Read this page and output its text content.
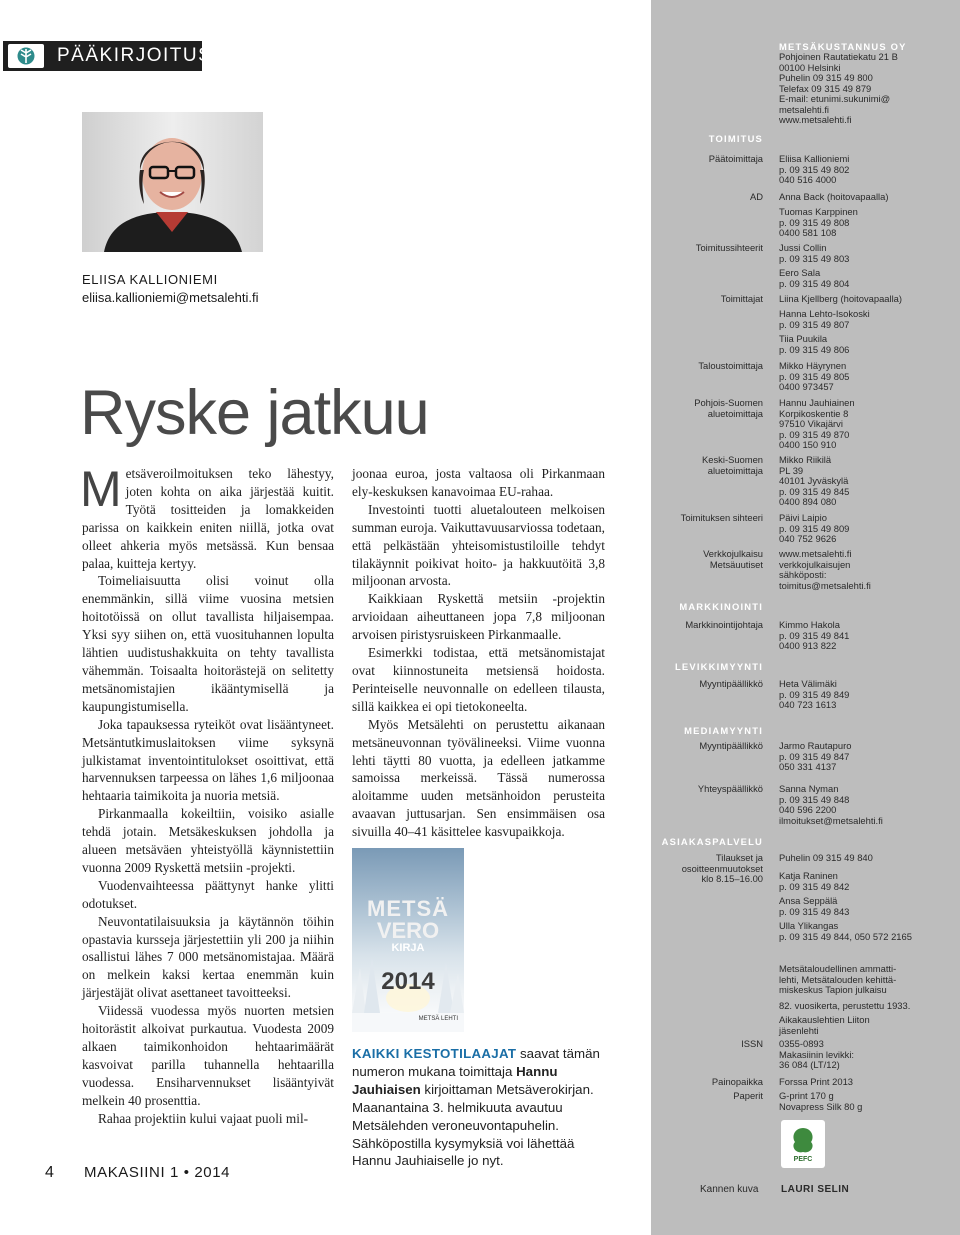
PÄÄKIRJOITUS
ELIISA KALLIONIEMI
eliisa.kallioniemi@metsalehti.fi
Ryske jatkuu

Metsäveroilmoituksen teko lähestyy, joten kohta on aika järjestää kuitit. Työtä tositteiden ja lomakkeiden parissa on kaikkein eniten niillä, jotka ovat olleet ahkeria myös metsässä. Kun bensaa palaa, kuitteja kertyy.

Toimeliaisuutta olisi voinut olla enemmänkin, sillä viime vuosina metsien hoitotöissä on ollut tavallista hiljaisempaa. Yksi syy siihen on, että vuosituhannen lopulta lähtien uudistushakkuita on tehty tavallista vähemmän. Toisaalta hoitorästejä on selitetty metsänomistajien ikääntymisellä ja kaupungistumisella.

Joka tapauksessa ryteiköt ovat lisääntyneet. Metsäntutkimuslaitoksen viime syksynä julkistamat inventointitulokset osoittivat, että harvennuksen tarpeessa on lähes 1,6 miljoonaa hehtaaria taimikoita ja nuoria metsiä.

Pirkanmaalla kokeiltiin, voisiko asialle tehdä jotain. Metsäkeskuksen johdolla ja alueen metsäväen yhteistyöllä käynnistettiin vuonna 2009 Ryskettä metsiin -projekti.

Vuodenvaihteessa päättynyt hanke ylitti odotukset.

Neuvontatilaisuuksia ja käytännön töihin opastavia kursseja järjestettiin yli 200 ja niihin osallistui lähes 7 000 metsänomistajaa. Määrä on melkein kaksi kertaa enemmän kuin järjestäjät olivat asettaneet tavoitteeksi.

Viidessä vuodessa myös nuorten metsien hoitorästit alkoivat purkautua. Vuodesta 2009 alkaen taimikonhoidon hehtaarimäärät kasvoivat parilla tuhannella hehtaarilla vuodessa. Ensiharvennukset lisääntyivät melkein 40 prosenttia.

Rahaa projektiin kului vajaat puoli mil-

joonaa euroa, josta valtaosa oli Pirkanmaan ely-keskuksen kanavoimaa EU-rahaa.

Investointi tuotti aluetalouteen melkoisen summan euroja. Vaikuttavuusarviossa todetaan, että pelkästään yhteisomistustiloille tehdyt tilakäynnit poikivat hoito- ja hakkuutöitä 3,8 miljoonan arvosta.

Kaikkiaan Ryskettä metsiin -projektin arvioidaan aiheuttaneen jopa 7,8 miljoonan arvoisen piristysruiskeen Pirkanmaalle.

Esimerkki todistaa, että metsänomistajat ovat kiinnostuneita metsiensä hoidosta. Perinteiselle neuvonnalle on edelleen tilausta, sillä kaikkea ei opi tietokoneelta.

Myös Metsälehti on perustettu aikanaan metsäneuvonnan työvälineeksi. Viime vuonna lehti täytti 80 vuotta, ja edelleen jatkamme samoissa merkeissä. Tässä numerossa aloitamme uuden metsänhoidon perusteita avaavan juttusarjan. Sen ensimmäisen osa sivuilla 40–41 käsittelee kasvupaikkoja.

METSÄ
VERO
KIRJA
2014
METSÄ LEHTI
KAIKKI KESTOTILAAJAT saavat tämän numeron mukana toimittaja Hannu Jauhiaisen kirjoittaman Metsäverokirjan. Maanantaina 3. helmikuuta avautuu Metsälehden veroneuvontapuhelin. Sähköpostilla kysymyksiä voi lähettää Hannu Jauhiaiselle jo nyt.
4 MAKASIINI 1 • 2014
METSÄKUSTANNUS OY
Pohjoinen Rautatiekatu 21 B
00100 Helsinki
Puhelin 09 315 49 800
Telefax 09 315 49 879
E-mail: etunimi.sukunimi@
metsalehti.fi
www.metsalehti.fi
TOIMITUS
MARKKINOINTI
LEVIKKIMYYNTI
MEDIAMYYNTI
ASIAKASPALVELU
Päätoimittaja Eliisa Kallioniemi
p. 09 315 49 802
040 516 4000
AD Anna Back (hoitovapaalla)
Tuomas Karppinen
p. 09 315 49 808
0400 581 108
Toimitussihteerit Jussi Collin
p. 09 315 49 803
Eero Sala
p. 09 315 49 804
Toimittajat Liina Kjellberg (hoitovapaalla)
Hanna Lehto-Isokoski
p. 09 315 49 807
Tiia Puukila
p. 09 315 49 806
Taloustoimittaja Mikko Häyrynen
p. 09 315 49 805
0400 973457
Pohjois-Suomen
aluetoimittaja
Hannu Jauhiainen
Korpikoskentie 8
97510 Vikajärvi
p. 09 315 49 870
0400 150 910
Keski-Suomen
aluetoimittaja
Mikko Riikilä
PL 39
40101 Jyväskylä
p. 09 315 49 845
0400 894 080
Toimituksen sihteeri Päivi Laipio
p. 09 315 49 809
040 752 9626
Verkkojulkaisu
Metsäuutiset
www.metsalehti.fi
verkkojulkaisujen
sähköposti:
toimitus@metsalehti.fi
Markkinointijohtaja Kimmo Hakola
p. 09 315 49 841
0400 913 822
Myyntipäällikkö Heta Välimäki
p. 09 315 49 849
040 723 1613
Myyntipäällikkö Jarmo Rautapuro
p. 09 315 49 847
050 331 4137
Yhteyspäällikkö Sanna Nyman
p. 09 315 49 848
040 596 2200
ilmoitukset@metsalehti.fi
Tilaukset ja
osoitteenmuutokset
klo 8.15–16.00
Puhelin 09 315 49 840
Katja Raninen
p. 09 315 49 842
Ansa Seppälä
p. 09 315 49 843
Ulla Ylikangas
p. 09 315 49 844, 050 572 2165
Metsätaloudellinen ammatti-
lehti, Metsätalouden kehittä-
miskeskus Tapion julkaisu
82. vuosikerta, perustettu 1933.
Aikakauslehtien Liiton
jäsenlehti
ISSN 0355-0893
Makasiinin levikki:
36 084 (LT/12)
Painopaikka Forssa Print 2013
Paperit G-print 170 g
Novapress Silk 80 g
PEFC
Kannen kuva LAURI SELIN
